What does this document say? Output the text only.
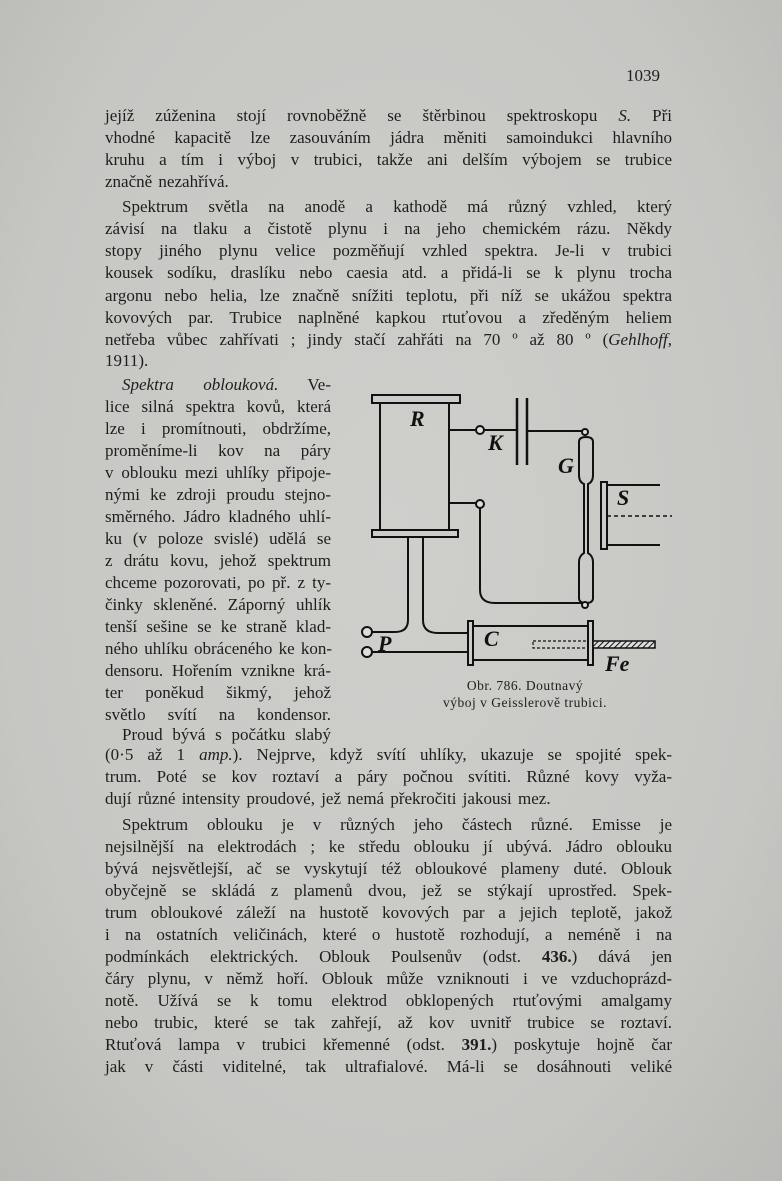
1039
jejíž zúženina stojí rovnoběžně se štěrbinou spektroskopu S. Při
vhodné kapacitě lze zasouváním jádra měniti samoindukci hlavního
kruhu a tím i výboj v trubici, takže ani delším výbojem se trubice
značně nezahřívá.
Spektrum světla na anodě a kathodě má různý vzhled, který
závisí na tlaku a čistotě plynu i na jeho chemickém rázu. Někdy
stopy jiného plynu velice pozměňují vzhled spektra. Je-li v trubici
kousek sodíku, draslíku nebo caesia atd. a přidá-li se k plynu trocha
argonu nebo helia, lze značně snížiti teplotu, při níž se ukážou spektra
kovových par. Trubice naplněné kapkou rtuťovou a zředěným heliem
netřeba vůbec zahřívati ; jindy stačí zahřáti na 70 º až 80 º (Gehlhoff,
1911).
Spektra oblouková. Ve-
lice silná spektra kovů, která
lze i promítnouti, obdržíme,
proměníme-li kov na páry
v oblouku mezi uhlíky připoje-
nými ke zdroji proudu stejno-
směrného. Jádro kladného uhlí-
ku (v poloze svislé) udělá se
z drátu kovu, jehož spektrum
chceme pozorovati, po př. z ty-
činky skleněné. Záporný uhlík
tenší sešine se ke straně klad-
ného uhlíku obráceného ke kon-
densoru. Hořením vznikne krá-
ter poněkud šikmý, jehož
světlo svítí na kondensor.
Proud bývá s počátku slabý
(0·5 až 1 amp.). Nejprve, když svítí uhlíky, ukazuje se spojité spek-
trum. Poté se kov roztaví a páry počnou svítiti. Různé kovy vyža-
dují různé intensity proudové, jež nemá překročiti jakousi mez.
Spektrum oblouku je v různých jeho částech různé. Emisse je
nejsilnější na elektrodách ; ke středu oblouku jí ubývá. Jádro oblouku
bývá nejsvětlejší, ač se vyskytují též obloukové plameny duté. Oblouk
obyčejně se skládá z plamenů dvou, jež se stýkají uprostřed. Spek-
trum obloukové záleží na hustotě kovových par a jejich teplotě, jakož
i na ostatních veličinách, které o hustotě rozhodují, a neméně i na
podmínkách elektrických. Oblouk Poulsenův (odst. 436.) dává jen
čáry plynu, v němž hoří. Oblouk může vzniknouti i ve vzduchoprázd-
notě. Užívá se k tomu elektrod obklopených rtuťovými amalgamy
nebo trubic, které se tak zahřejí, až kov uvnitř trubice se roztaví.
Rtuťová lampa v trubici křemenné (odst. 391.) poskytuje hojně čar
jak v části viditelné, tak ultrafialové. Má-li se dosáhnouti veliké
R
K
G
S
C
P
Fe
Obr. 786. Doutnavý
výboj v Geisslerově trubici.
